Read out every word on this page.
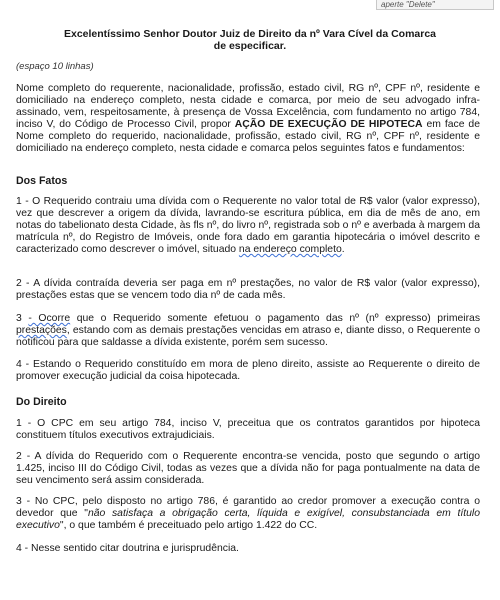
aperte "Delete"
Excelentíssimo Senhor Doutor Juiz de Direito da nº Vara Cível da Comarca
de especificar.
(espaço 10 linhas)

Nome completo do requerente, nacionalidade, profissão, estado civil, RG nº, CPF nº, residente e domiciliado na endereço completo, nesta cidade e comarca, por meio de seu advogado infra-assinado, vem, respeitosamente, à presença de Vossa Excelência, com fundamento no artigo 784, inciso V, do Código de Processo Civil, propor AÇÃO DE EXECUÇÃO DE HIPOTECA em face de Nome completo do requerido, nacionalidade, profissão, estado civil, RG nº, CPF nº, residente e domiciliado na endereço completo, nesta cidade e comarca pelos seguintes fatos e fundamentos:

Dos Fatos

1 - O Requerido contraiu uma dívida com o Requerente no valor total de R$ valor (valor expresso), vez que descrever a origem da dívida, lavrando-se escritura pública, em dia de mês de ano, em notas do tabelionato desta Cidade, às fls nº, do livro nº, registrada sob o nº e averbada à margem da matrícula nº, do Registro de Imóveis, onde fora dado em garantia hipotecária o imóvel descrito e caracterizado como descrever o imóvel, situado na endereço completo.

2 - A dívida contraída deveria ser paga em nº prestações, no valor de R$ valor (valor expresso), prestações estas que se vencem todo dia nº de cada mês.

3 - Ocorre que o Requerido somente efetuou o pagamento das nº (nº expresso) primeiras prestações, estando com as demais prestações vencidas em atraso e, diante disso, o Requerente o notificou para que saldasse a dívida existente, porém sem sucesso.

4 - Estando o Requerido constituído em mora de pleno direito, assiste ao Requerente o direito de promover execução judicial da coisa hipotecada.

Do Direito

1 - O CPC em seu artigo 784, inciso V, preceitua que os contratos garantidos por hipoteca constituem títulos executivos extrajudiciais.

2 - A dívida do Requerido com o Requerente encontra-se vencida, posto que segundo o artigo 1.425, inciso III do Código Civil, todas as vezes que a dívida não for paga pontualmente na data de seu vencimento será assim considerada.

3 - No CPC, pelo disposto no artigo 786, é garantido ao credor promover a execução contra o devedor que "não satisfaça a obrigação certa, líquida e exigível, consubstanciada em título executivo", o que também é preceituado pelo artigo 1.422 do CC.

4 - Nesse sentido citar doutrina e jurisprudência.
